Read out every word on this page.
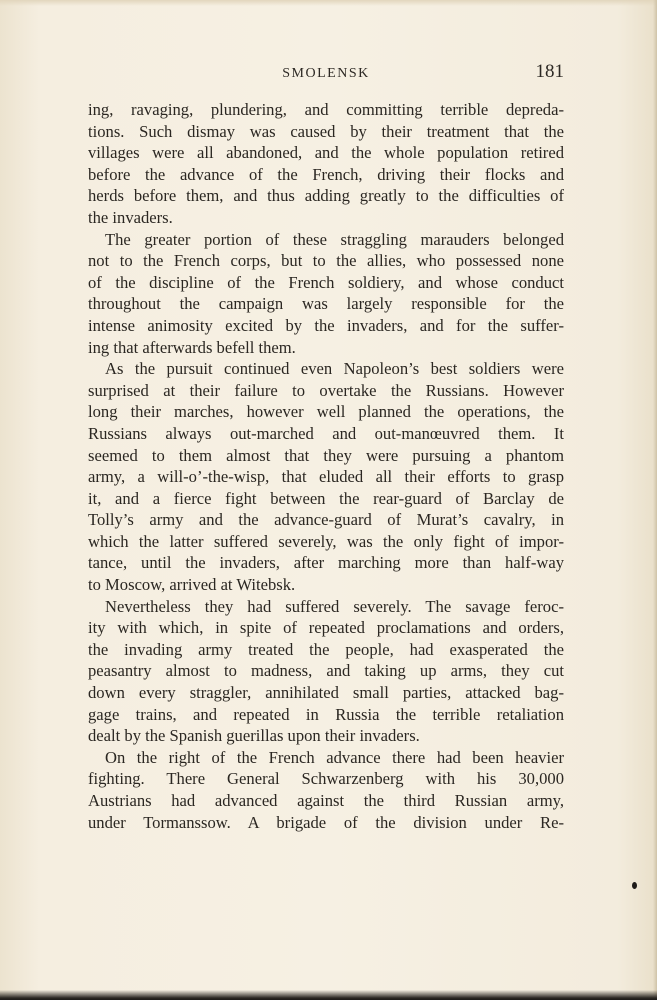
SMOLENSK	181
ing, ravaging, plundering, and committing terrible depreda-
tions. Such dismay was caused by their treatment that the
villages were all abandoned, and the whole population retired
before the advance of the French, driving their flocks and
herds before them, and thus adding greatly to the difficulties of
the invaders.
The greater portion of these straggling marauders belonged
not to the French corps, but to the allies, who possessed none
of the discipline of the French soldiery, and whose conduct
throughout the campaign was largely responsible for the
intense animosity excited by the invaders, and for the suffer-
ing that afterwards befell them.
As the pursuit continued even Napoleon’s best soldiers were
surprised at their failure to overtake the Russians. However
long their marches, however well planned the operations, the
Russians always out-marched and out-manœuvred them. It
seemed to them almost that they were pursuing a phantom
army, a will-o’-the-wisp, that eluded all their efforts to grasp
it, and a fierce fight between the rear-guard of Barclay de
Tolly’s army and the advance-guard of Murat’s cavalry, in
which the latter suffered severely, was the only fight of impor-
tance, until the invaders, after marching more than half-way
to Moscow, arrived at Witebsk.
Nevertheless they had suffered severely. The savage feroc-
ity with which, in spite of repeated proclamations and orders,
the invading army treated the people, had exasperated the
peasantry almost to madness, and taking up arms, they cut
down every straggler, annihilated small parties, attacked bag-
gage trains, and repeated in Russia the terrible retaliation
dealt by the Spanish guerillas upon their invaders.
On the right of the French advance there had been heavier
fighting. There General Schwarzenberg with his 30,000
Austrians had advanced against the third Russian army,
under Tormanssow. A brigade of the division under Re-
